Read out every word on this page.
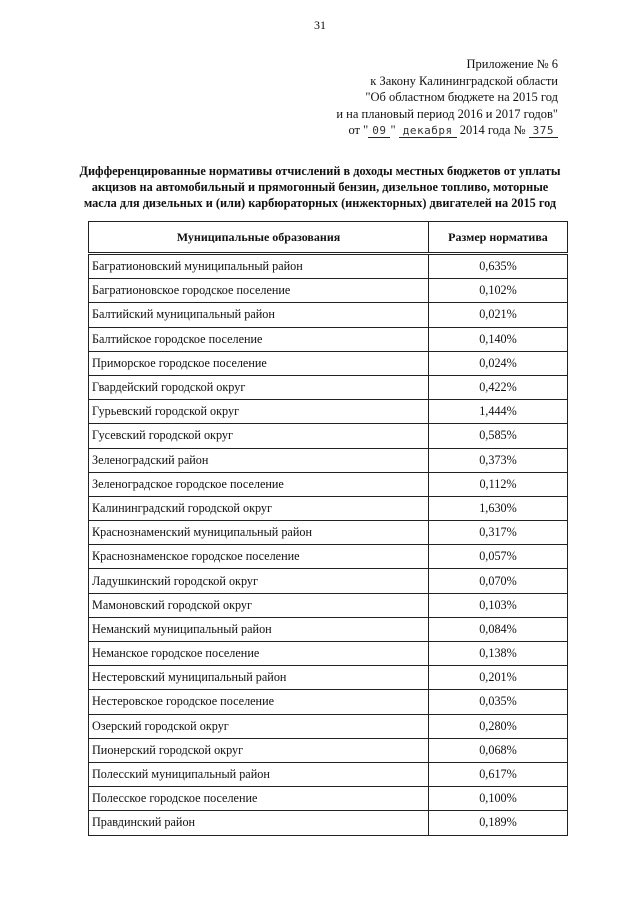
31
Приложение № 6
к Закону Калининградской области
"Об областном бюджете на 2015 год
и на плановый период 2016 и 2017 годов"
от " 09 " декабря 2014 года № 375
Дифференцированные нормативы отчислений в доходы местных бюджетов от уплаты акцизов на автомобильный и прямогонный бензин, дизельное топливо, моторные масла для дизельных и (или) карбюраторных (инжекторных) двигателей на 2015 год
Муниципальные образования	Размер норматива
Багратионовский муниципальный район	0,635%
Багратионовское городское поселение	0,102%
Балтийский муниципальный район	0,021%
Балтийское городское поселение	0,140%
Приморское городское поселение	0,024%
Гвардейский городской округ	0,422%
Гурьевский городской округ	1,444%
Гусевский городской округ	0,585%
Зеленоградский район	0,373%
Зеленоградское городское поселение	0,112%
Калининградский городской округ	1,630%
Краснознаменский муниципальный район	0,317%
Краснознаменское городское поселение	0,057%
Ладушкинский городской округ	0,070%
Мамоновский городской округ	0,103%
Неманский муниципальный район	0,084%
Неманское городское поселение	0,138%
Нестеровский муниципальный район	0,201%
Нестеровское городское поселение	0,035%
Озерский городской округ	0,280%
Пионерский городской округ	0,068%
Полесский муниципальный район	0,617%
Полесское городское поселение	0,100%
Правдинский район	0,189%
